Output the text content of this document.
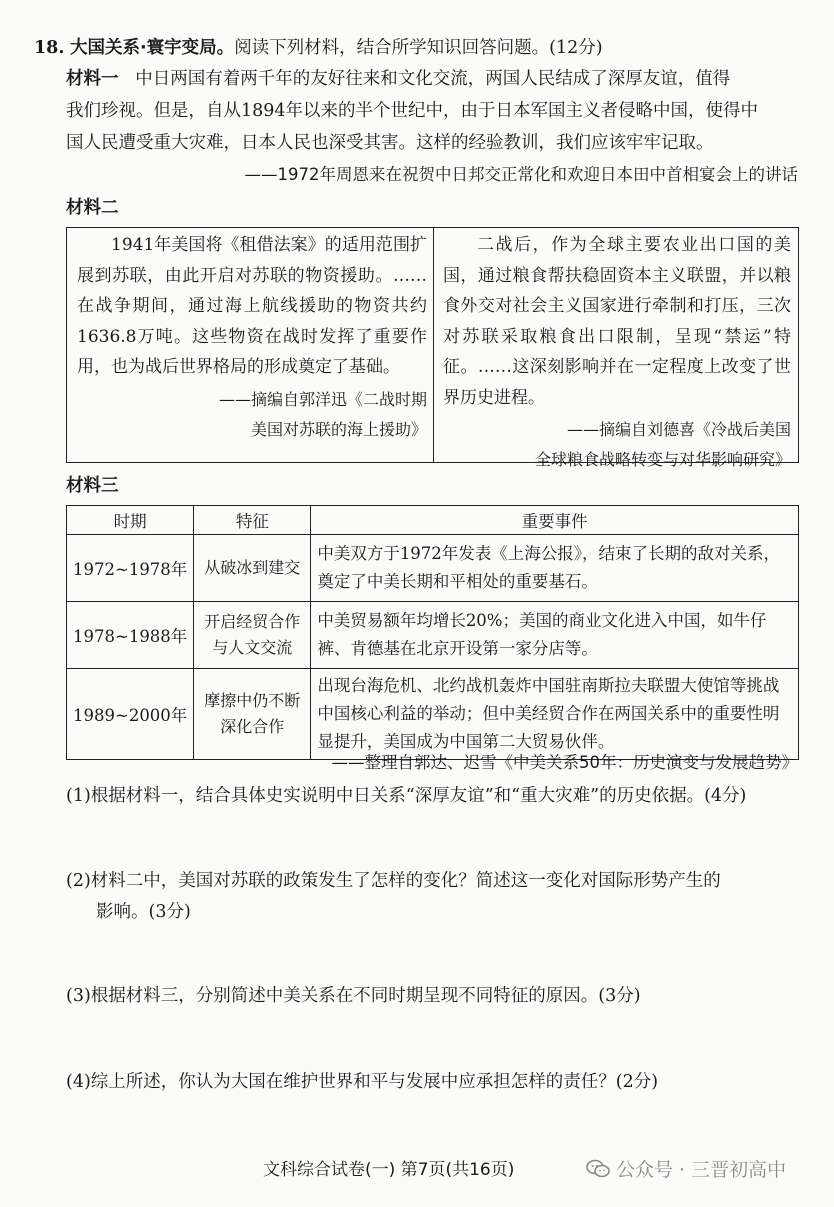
18. 大国关系·寰宇变局。阅读下列材料，结合所学知识回答问题。(12分)
材料一 中日两国有着两千年的友好往来和文化交流，两国人民结成了深厚友谊，值得
我们珍视。但是，自从1894年以来的半个世纪中，由于日本军国主义者侵略中国，使得中
国人民遭受重大灾难，日本人民也深受其害。这样的经验教训，我们应该牢牢记取。
——1972年周恩来在祝贺中日邦交正常化和欢迎日本田中首相宴会上的讲话
材料二

1941年美国将《租借法案》的适用范围扩展到苏联，由此开启对苏联的物资援助。……在战争期间，通过海上航线援助的物资共约1636.8万吨。这些物资在战时发挥了重要作用，也为战后世界格局的形成奠定了基础。

——摘编自郭洋迅《二战时期
美国对苏联的海上援助》

二战后，作为全球主要农业出口国的美国，通过粮食帮扶稳固资本主义联盟，并以粮食外交对社会主义国家进行牵制和打压，三次对苏联采取粮食出口限制，呈现“禁运”特征。……这深刻影响并在一定程度上改变了世界历史进程。

——摘编自刘德喜《冷战后美国
全球粮食战略转变与对华影响研究》
材料三
时期	特征	重要事件
1972~1978年	从破冰到建交	中美双方于1972年发表《上海公报》，结束了长期的敌对关系，奠定了中美长期和平相处的重要基石。
1978~1988年	开启经贸合作与人文交流	中美贸易额年均增长20%；美国的商业文化进入中国，如牛仔裤、肯德基在北京开设第一家分店等。
1989~2000年	摩擦中仍不断深化合作	出现台海危机、北约战机轰炸中国驻南斯拉夫联盟大使馆等挑战中国核心利益的举动；但中美经贸合作在两国关系中的重要性明显提升，美国成为中国第二大贸易伙伴。
——整理自郭达、迟雪《中美关系50年：历史演变与发展趋势》
(1)根据材料一，结合具体史实说明中日关系“深厚友谊”和“重大灾难”的历史依据。(4分)
(2)材料二中，美国对苏联的政策发生了怎样的变化？简述这一变化对国际形势产生的
影响。(3分)
(3)根据材料三，分别简述中美关系在不同时期呈现不同特征的原因。(3分)
(4)综上所述，你认为大国在维护世界和平与发展中应承担怎样的责任？(2分)
文科综合试卷(一) 第7页(共16页)	公众号 · 三晋初高中
